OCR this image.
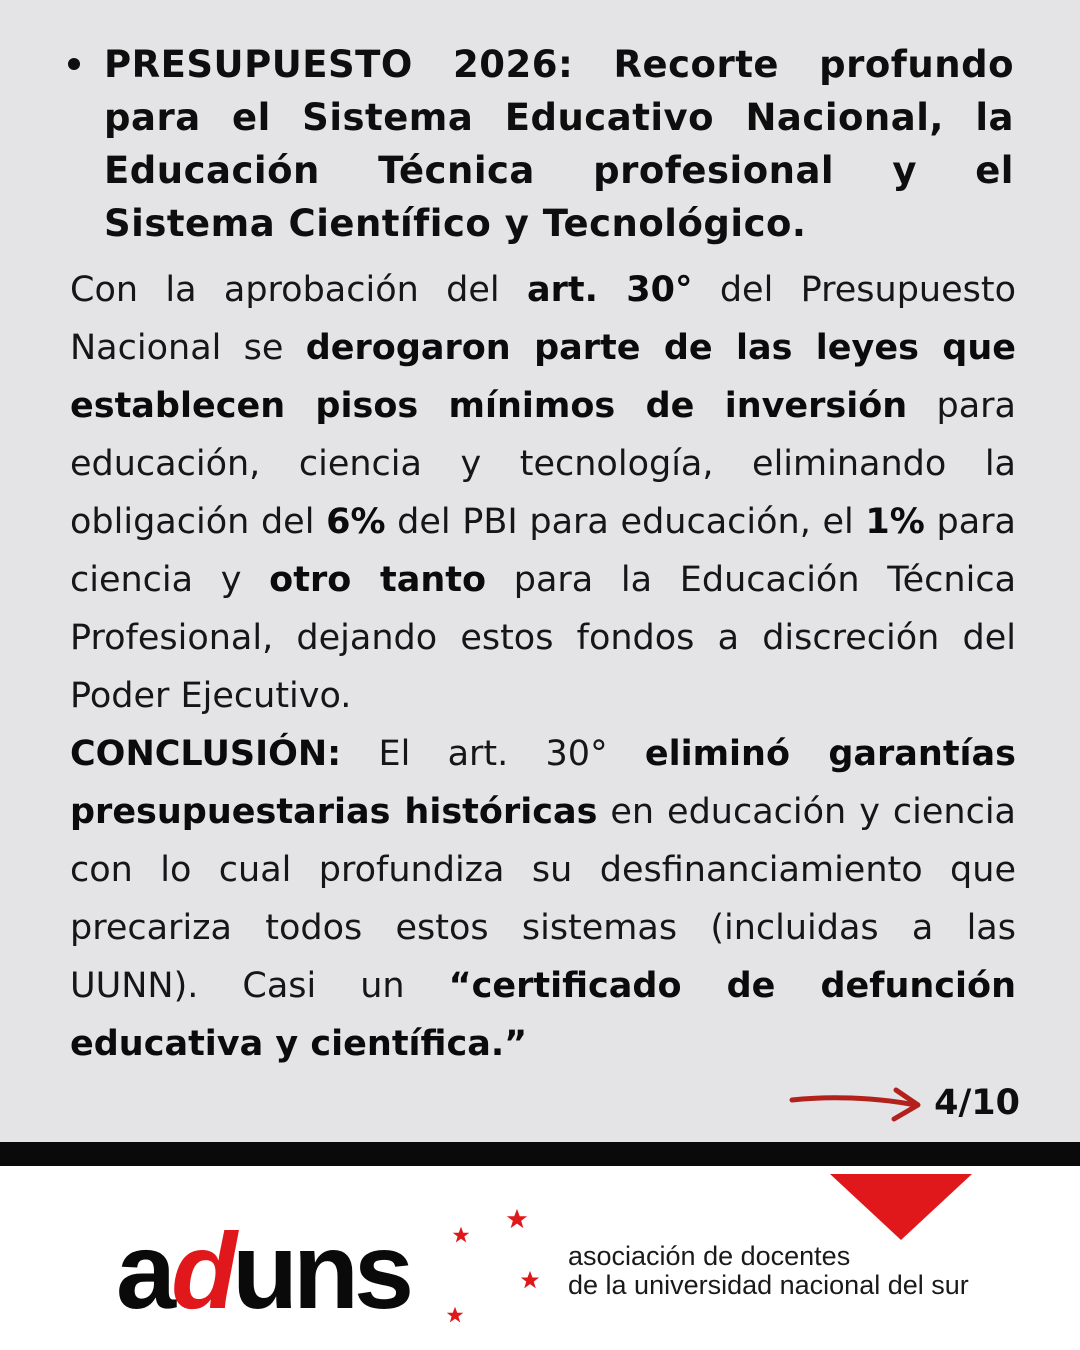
PRESUPUESTO 2026: Recorte profundo para el Sistema Educativo Nacional, la Educación Técnica profesional y el Sistema Científico y Tecnológico.

Con la aprobación del art. 30° del Presupuesto Nacional se derogaron parte de las leyes que establecen pisos mínimos de inversión para educación, ciencia y tecnología, eliminando la obligación del 6% del PBI para educación, el 1% para ciencia y otro tanto para la Educación Técnica Profesional, dejando estos fondos a discreción del Poder Ejecutivo.
CONCLUSIÓN: El art. 30° eliminó garantías presupuestarias históricas en educación y ciencia con lo cual profundiza su desfinanciamiento que precariza todos estos sistemas (incluidas a las UUNN). Casi un “certificado de defunción educativa y científica.”

4/10
aduns	asociación de docentes
de la universidad nacional del sur
